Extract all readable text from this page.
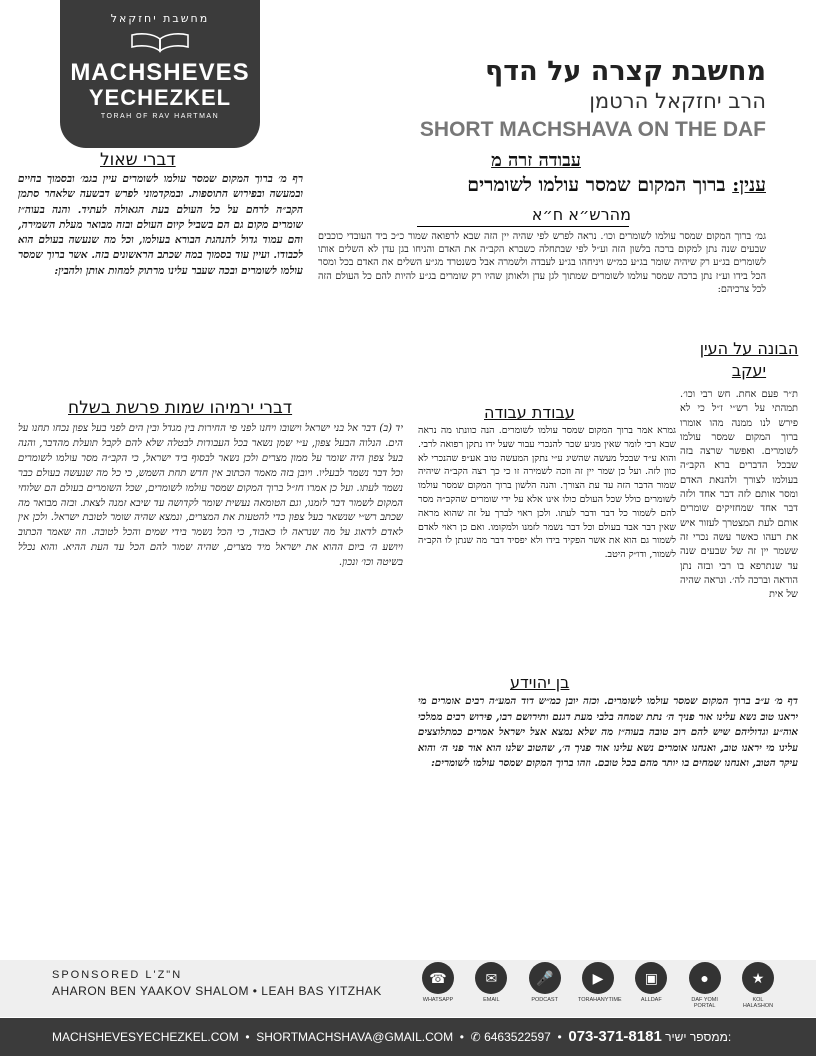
מחשבת יחזקאל
MACHSHEVES
YECHEZKEL
TORAH OF RAV HARTMAN
מחשבת קצרה על הדף
הרב יחזקאל הרטמן
SHORT MACHSHAVA ON THE DAF
עבודה זרה מ
ענין: ברוך המקום שמסר עולמו לשומרים
דברי שאול
רף מ׳ ברוך המקום שמסר עולמו לשומרים עיין בגמ׳ ובסמוך בחיים ובמעשה ובפירוש התוספות. ובמקדמוני לפרש דבשעה שלאחר סתמן הקב״ה לרחם על כל העולם בעת הגאולה לעתיד. והנה בעוה״ז שומרים מקום גם הם בשביל קיום העולם ובזה מבואר מעלת השמירה, והם עמוד גדול להנהגת הבורא בעולמו, וכל מה שנעשה בעולם הוא לכבודו. ועיין עוד בסמוך במה שכתב הראשונים בזה. אשר ברוך שמסר עולמו לשומרים ובכה שעבר עלינו מרתוק למחות אותן ולהבין:
מהרש״א ח״א
גמ׳ ברוך המקום שמסר עולמו לשומרים וכו׳. נראה לפרש לפי שהיה יין הזה שבא לרפואה שמור כ״כ ביד העובדי כוכבים שבעים שנה נתן למקום ברכה בלשון הזה וע״ל לפי שבתחלה כשברא הקב״ה את האדם והניחו בגן עדן לא השלים אותו לשומרים בג״ע רק שיהיה שומר בג״ע כמ״ש ויניחהו בג״ע לעבדה ולשמרה אבל כשנטרד מג״ע השלים את האדם בכל ומסר הכל בידו וע״ז נתן ברכה שמסר עולמו לשומרים שמתוך לגן עדן ולאותן שהיו רק שומרים בג״ע להיות להם כל העולם הזה לכל צרכיהם:
הבונה על העין יעקב
ת״ר פעם אחת. חש רבי וכו׳. תמהתי על רש״י ז״ל כי לא פירש לנו ממנה מהו אומרו ברוך המקום שמסר עולמו לשומרים. ואפשר שרצה בזה שבכל הדברים ברא הקב״ה בעולמו לצורך ולהנאת האדם ומסר אותם לזה דבר אחד ולזה דבר אחד שמחזיקים שומרים אותם לעת המצטרך לעזור איש את רעהו כאשר עשה נכרי זה ששמר יין זה של שבעים שנה עד שנתרפא בו רבי ובזה נתן הודאה וברכה לה׳. ונראה שהיה של אית
עבודת עבודה
גמרא אמר ברוך המקום שמסר עולמו לשומרים. הנה כוונתו מה נראה שבא רבי לומר שאין מגיע שכר להנכרי עבור שעל ידו נתקן רפואה לרבי. והוא ע״ד שבכל מעשה שהשיג ע״י נתקן המעשה טוב אע״פ שהנכרי לא כוון לזה. ועל כן שמר יין זה וזכה לשמירה זו כי כך רצה הקב״ה שיהיה שמור הדבר הזה עד עת הצורך. והנה הלשון ברוך המקום שמסר עולמו לשומרים כולל שכל העולם כולו אינו אלא על ידי שומרים שהקב״ה מסר להם לשמור כל דבר ודבר לעתו. ולכן ראוי לברך על זה שהוא מראה שאין דבר אבד בעולם וכל דבר נשמר לזמנו ולמקומו. ואם כן ראוי לאדם לשמור גם הוא את אשר הפקיד בידו ולא יפסיד דבר מה שנתן לו הקב״ה לשמור, ודו״ק היטב.
בן יהוידע
דף מ׳ ע״ב ברוך המקום שמסר עולמו לשומרים. וכזה יובן כמ״ש דוד המע״ה רבים אומרים מי יראנו טוב נשא עלינו אור פניך ה׳ נתת שמחה בלבי מעת דגנם ותירושם רבו, פירוש רבים ממלכי אוה״ע וגדוליהם שיש להם רוב טובה בעוה״ז מה שלא נמצא אצל ישראל אמרים כמתלוצצים עלינו מי יראנו טוב, ואנחנו אומרים נשא עלינו אור פניך ה׳, שהטוב שלנו הוא אור פני ה׳ והוא עיקר הטוב, ואנחנו שמחים בו יותר מהם בכל טובם. וזהו ברוך המקום שמסר עולמו לשומרים:
דברי ירמיהו שמות פרשת בשלח
יד (ב) דבר אל בני ישראל וישובו ויחנו לפני פי החירות בין מגדל ובין הים לפני בעל צפון נכחו תחנו על הים. הנלוה הבעל צפון, ע״י שמן נשאר בכל העבודות לבטלה שלא להם לקבל תועלת מהדבר, והנה בעל צפון היה שומר על ממון מצרים ולכן נשאר לבסוף ביד ישראל, כי הקב״ה מסר עולמו לשומרים וכל דבר נשמר לבעליו. ויובן בזה מאמר הכתוב אין חדש תחת השמש, כי כל מה שנעשה בעולם כבר נשמר לעתו. ועל כן אמרו חז״ל ברוך המקום שמסר עולמו לשומרים, שכל השומרים בעולם הם שלוחי המקום לשמור דבר לזמנו, וגם הטומאה נעשית שומר לקדושה עד שיבא זמנה לצאת. ובזה מבואר מה שכתב רש״י שנשאר בעל צפון כדי להטעות את המצרים, ונמצא שהיה שומר לטובת ישראל. ולכן אין לאדם לדאוג על מה שנראה לו כאבוד, כי הכל נשמר בידי שמים והכל לטובה. וזה שאמר הכתוב ויושע ה׳ ביום ההוא את ישראל מיד מצרים, שהיה שמור להם הכל עד העת ההיא. והוא נכלל בשיטה וכו׳ ונכון.
SPONSORED L'Z"N
AHARON BEN YAAKOV SHALOM • LEAH BAS YITZHAK
☎
WHATSAPP
✉
EMAIL
🎤
PODCAST
▶
TORAHANYTIME
▣
ALLDAF
●
DAF YOMI PORTAL
★
KOL HALASHON
MACHSHEVESYECHEZKEL.COM  •  SHORTMACHSHAVA@GMAIL.COM  •  ✆ 6463522597  •  073-371-8181 ממספר ישיר:
